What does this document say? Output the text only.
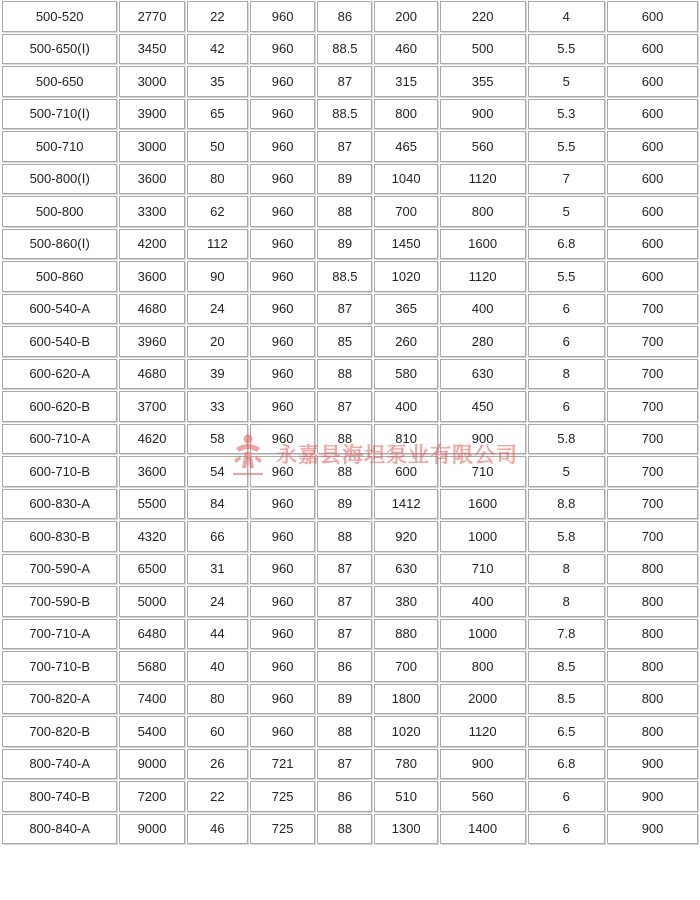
500-520	2770	22	960	86	200	220	4	600
500-650(Ⅰ)	3450	42	960	88.5	460	500	5.5	600
500-650	3000	35	960	87	315	355	5	600
500-710(Ⅰ)	3900	65	960	88.5	800	900	5.3	600
500-710	3000	50	960	87	465	560	5.5	600
500-800(Ⅰ)	3600	80	960	89	1040	1120	7	600
500-800	3300	62	960	88	700	800	5	600
500-860(Ⅰ)	4200	112	960	89	1450	1600	6.8	600
500-860	3600	90	960	88.5	1020	1120	5.5	600
600-540-A	4680	24	960	87	365	400	6	700
600-540-B	3960	20	960	85	260	280	6	700
600-620-A	4680	39	960	88	580	630	8	700
600-620-B	3700	33	960	87	400	450	6	700
600-710-A	4620	58	960	88	810	900	5.8	700
600-710-B	3600	54	960	88	600	710	5	700
600-830-A	5500	84	960	89	1412	1600	8.8	700
600-830-B	4320	66	960	88	920	1000	5.8	700
700-590-A	6500	31	960	87	630	710	8	800
700-590-B	5000	24	960	87	380	400	8	800
700-710-A	6480	44	960	87	880	1000	7.8	800
700-710-B	5680	40	960	86	700	800	8.5	800
700-820-A	7400	80	960	89	1800	2000	8.5	800
700-820-B	5400	60	960	88	1020	1120	6.5	800
800-740-A	9000	26	721	87	780	900	6.8	900
800-740-B	7200	22	725	86	510	560	6	900
800-840-A	9000	46	725	88	1300	1400	6	900
永嘉县海坦泵业有限公司
